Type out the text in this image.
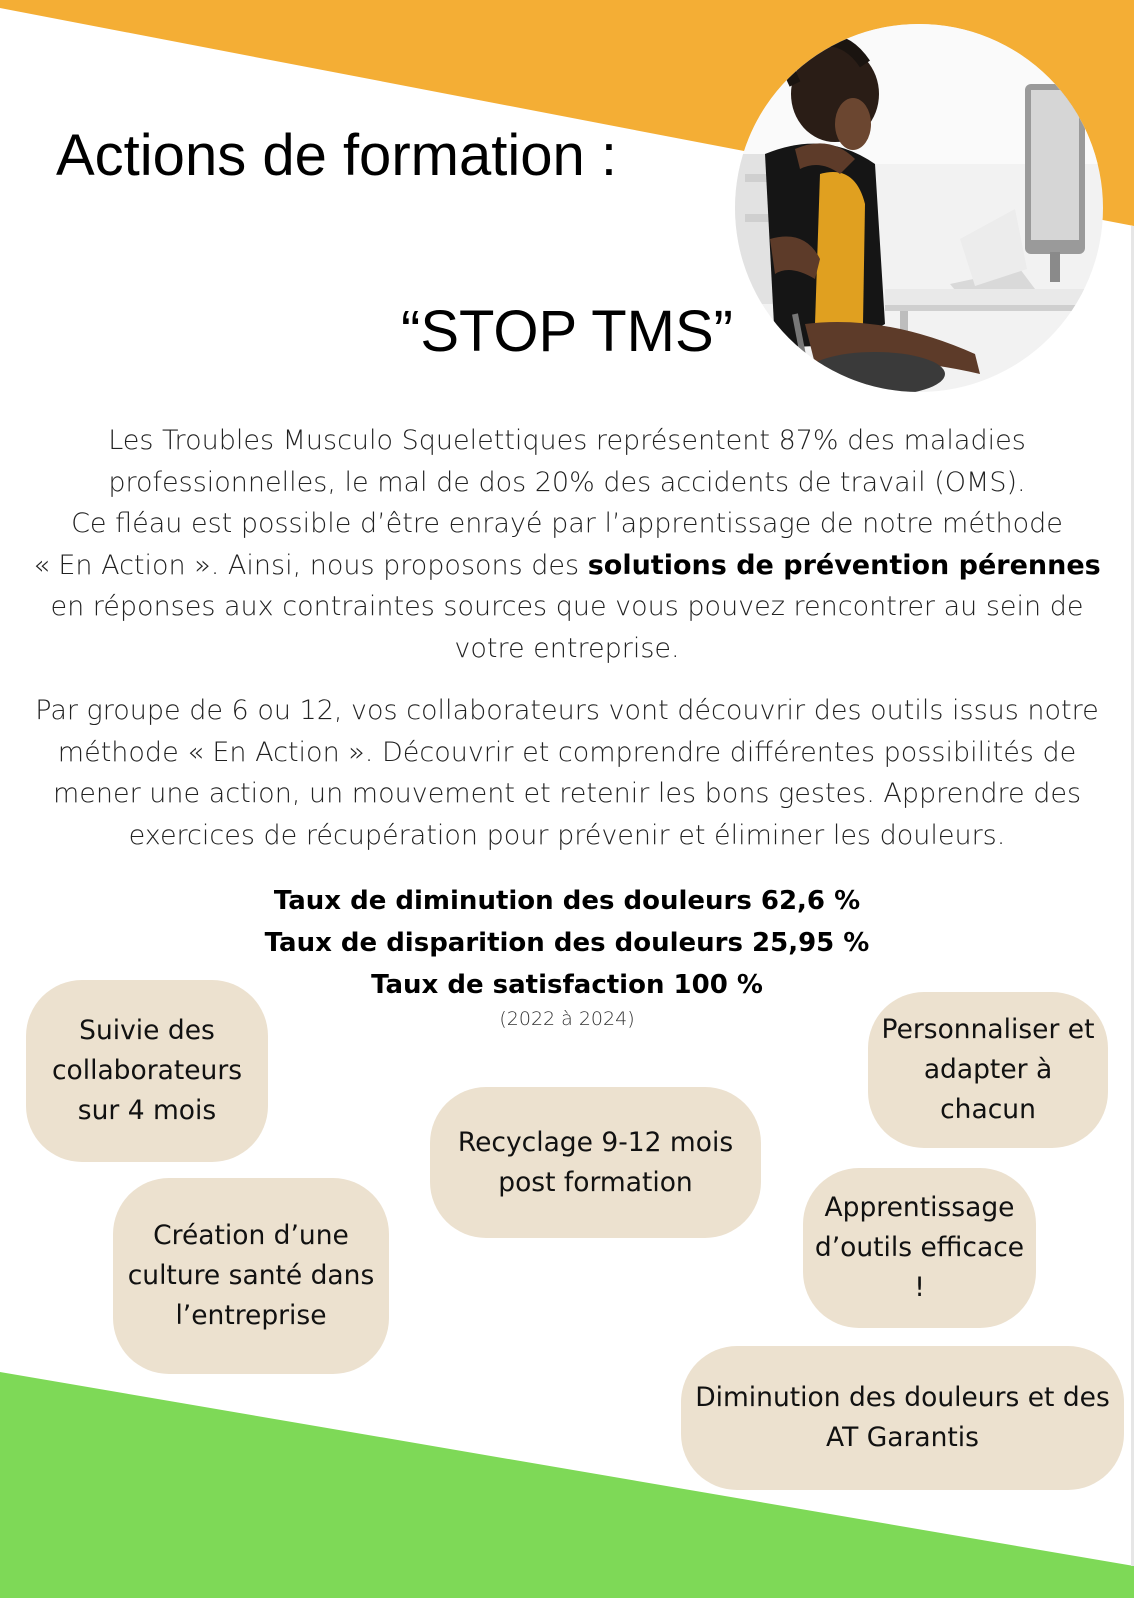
Actions de formation :
“STOP TMS”

Les Troubles Musculo Squelettiques représentent 87% des maladies
professionnelles, le mal de dos 20% des accidents de travail (OMS).
Ce fléau est possible d’être enrayé par l’apprentissage de notre méthode
« En Action ». Ainsi, nous proposons des solutions de prévention pérennes
en réponses aux contraintes sources que vous pouvez rencontrer au sein de
votre entreprise.

Par groupe de 6 ou 12, vos collaborateurs vont découvrir des outils issus notre
méthode « En Action ». Découvrir et comprendre différentes possibilités de
mener une action, un mouvement et retenir les bons gestes. Apprendre des
exercices de récupération pour prévenir et éliminer les douleurs.

Taux de diminution des douleurs 62,6 %
Taux de disparition des douleurs 25,95 %
Taux de satisfaction 100 %
(2022 à 2024)
Suivie des
collaborateurs
sur 4 mois
Personnaliser et
adapter à
chacun
Recyclage 9-12 mois
post formation
Création d’une
culture santé dans
l’entreprise
Apprentissage
d’outils efficace !
Diminution des douleurs et des
AT Garantis
